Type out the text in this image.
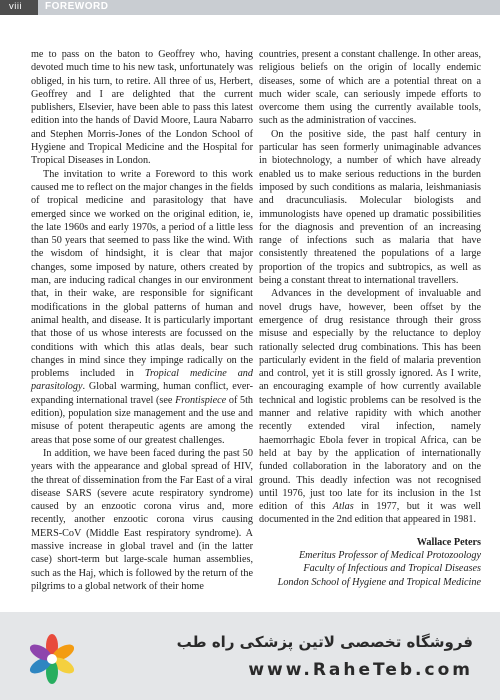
viii FOREWORD

me to pass on the baton to Geoffrey who, having devoted much time to his new task, unfortunately was obliged, in his turn, to retire. All three of us, Herbert, Geoffrey and I are delighted that the current publishers, Elsevier, have been able to pass this latest edition into the hands of David Moore, Laura Nabarro and Stephen Morris-Jones of the London School of Hygiene and Tropical Medicine and the Hospital for Tropical Diseases in London.

The invitation to write a Foreword to this work caused me to reflect on the major changes in the fields of tropical medicine and parasitology that have emerged since we worked on the original edition, ie, the late 1960s and early 1970s, a period of a little less than 50 years that seemed to pass like the wind. With the wisdom of hindsight, it is clear that major changes, some imposed by nature, others created by man, are inducing radical changes in our environment that, in their wake, are responsible for significant modifications in the global patterns of human and animal health, and disease. It is particularly important that those of us whose interests are focussed on the conditions with which this atlas deals, bear such changes in mind since they impinge radically on the problems included in Tropical medicine and parasitology. Global warming, human conflict, ever-expanding international travel (see Frontispiece of 5th edition), population size management and the use and misuse of potent therapeutic agents are among the areas that pose some of our greatest challenges.

In addition, we have been faced during the past 50 years with the appearance and global spread of HIV, the threat of dissemination from the Far East of a viral disease SARS (severe acute respiratory syndrome) caused by an enzootic corona virus and, more recently, another enzootic corona virus causing MERS-CoV (Middle East respiratory syndrome). A massive increase in global travel and (in the latter case) short-term but large-scale human assemblies, such as the Haj, which is followed by the return of the pilgrims to a global network of their home

countries, present a constant challenge. In other areas, religious beliefs on the origin of locally endemic diseases, some of which are a potential threat on a much wider scale, can seriously impede efforts to overcome them using the currently available tools, such as the administration of vaccines.

On the positive side, the past half century in particular has seen formerly unimaginable advances in biotechnology, a number of which have already enabled us to make serious reductions in the burden imposed by such conditions as malaria, leishmaniasis and dracunculiasis. Molecular biologists and immunologists have opened up dramatic possibilities for the diagnosis and prevention of an increasing range of infections such as malaria that have consistently threatened the populations of a large proportion of the tropics and subtropics, as well as being a constant threat to international travellers.

Advances in the development of invaluable and novel drugs have, however, been offset by the emergence of drug resistance through their gross misuse and especially by the reluctance to deploy rationally selected drug combinations. This has been particularly evident in the field of malaria prevention and control, yet it is still grossly ignored. As I write, an encouraging example of how currently available technical and logistic problems can be resolved is the manner and relative rapidity with which another recently extended viral infection, namely haemorrhagic Ebola fever in tropical Africa, can be held at bay by the application of internationally funded collaboration in the laboratory and on the ground. This deadly infection was not recognised until 1976, just too late for its inclusion in the 1st edition of this Atlas in 1977, but it was well documented in the 2nd edition that appeared in 1981.

Wallace Peters
Emeritus Professor of Medical Protozoology
Faculty of Infectious and Tropical Diseases
London School of Hygiene and Tropical Medicine
فروشگاه تخصصی لاتین پزشکی راه طب
www.RaheTeb.com
